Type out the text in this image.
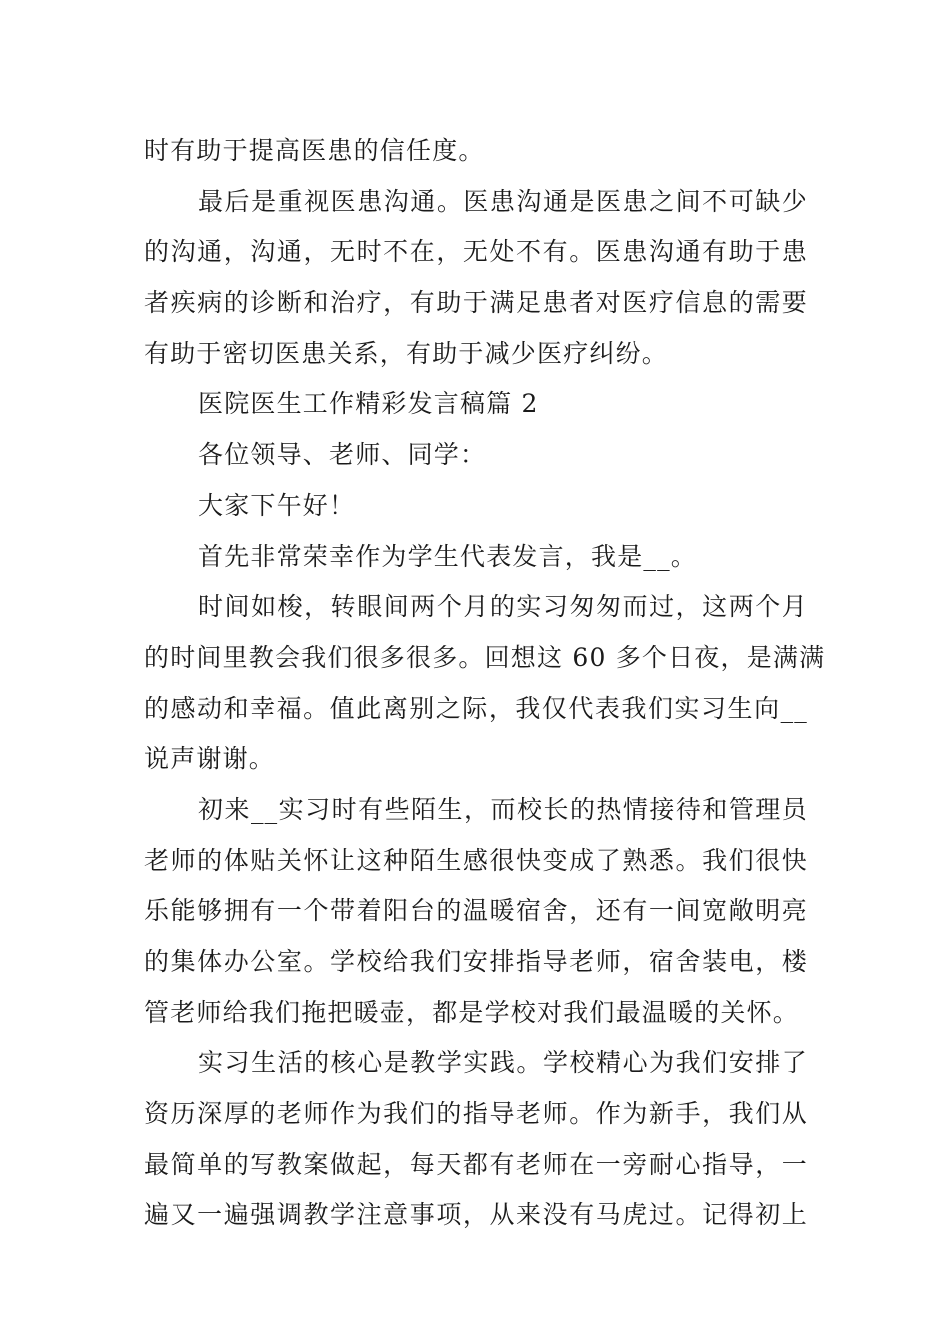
时有助于提高医患的信任度。
最后是重视医患沟通。医患沟通是医患之间不可缺少
的沟通，沟通，无时不在，无处不有。医患沟通有助于患
者疾病的诊断和治疗，有助于满足患者对医疗信息的需要
有助于密切医患关系，有助于减少医疗纠纷。
医院医生工作精彩发言稿篇 2
各位领导、老师、同学：
大家下午好！
首先非常荣幸作为学生代表发言，我是__。
时间如梭，转眼间两个月的实习匆匆而过，这两个月
的时间里教会我们很多很多。回想这 60 多个日夜，是满满
的感动和幸福。值此离别之际，我仅代表我们实习生向__
说声谢谢。
初来__实习时有些陌生，而校长的热情接待和管理员
老师的体贴关怀让这种陌生感很快变成了熟悉。我们很快
乐能够拥有一个带着阳台的温暖宿舍，还有一间宽敞明亮
的集体办公室。学校给我们安排指导老师，宿舍装电，楼
管老师给我们拖把暖壶，都是学校对我们最温暖的关怀。
实习生活的核心是教学实践。学校精心为我们安排了
资历深厚的老师作为我们的指导老师。作为新手，我们从
最简单的写教案做起，每天都有老师在一旁耐心指导，一
遍又一遍强调教学注意事项，从来没有马虎过。记得初上
